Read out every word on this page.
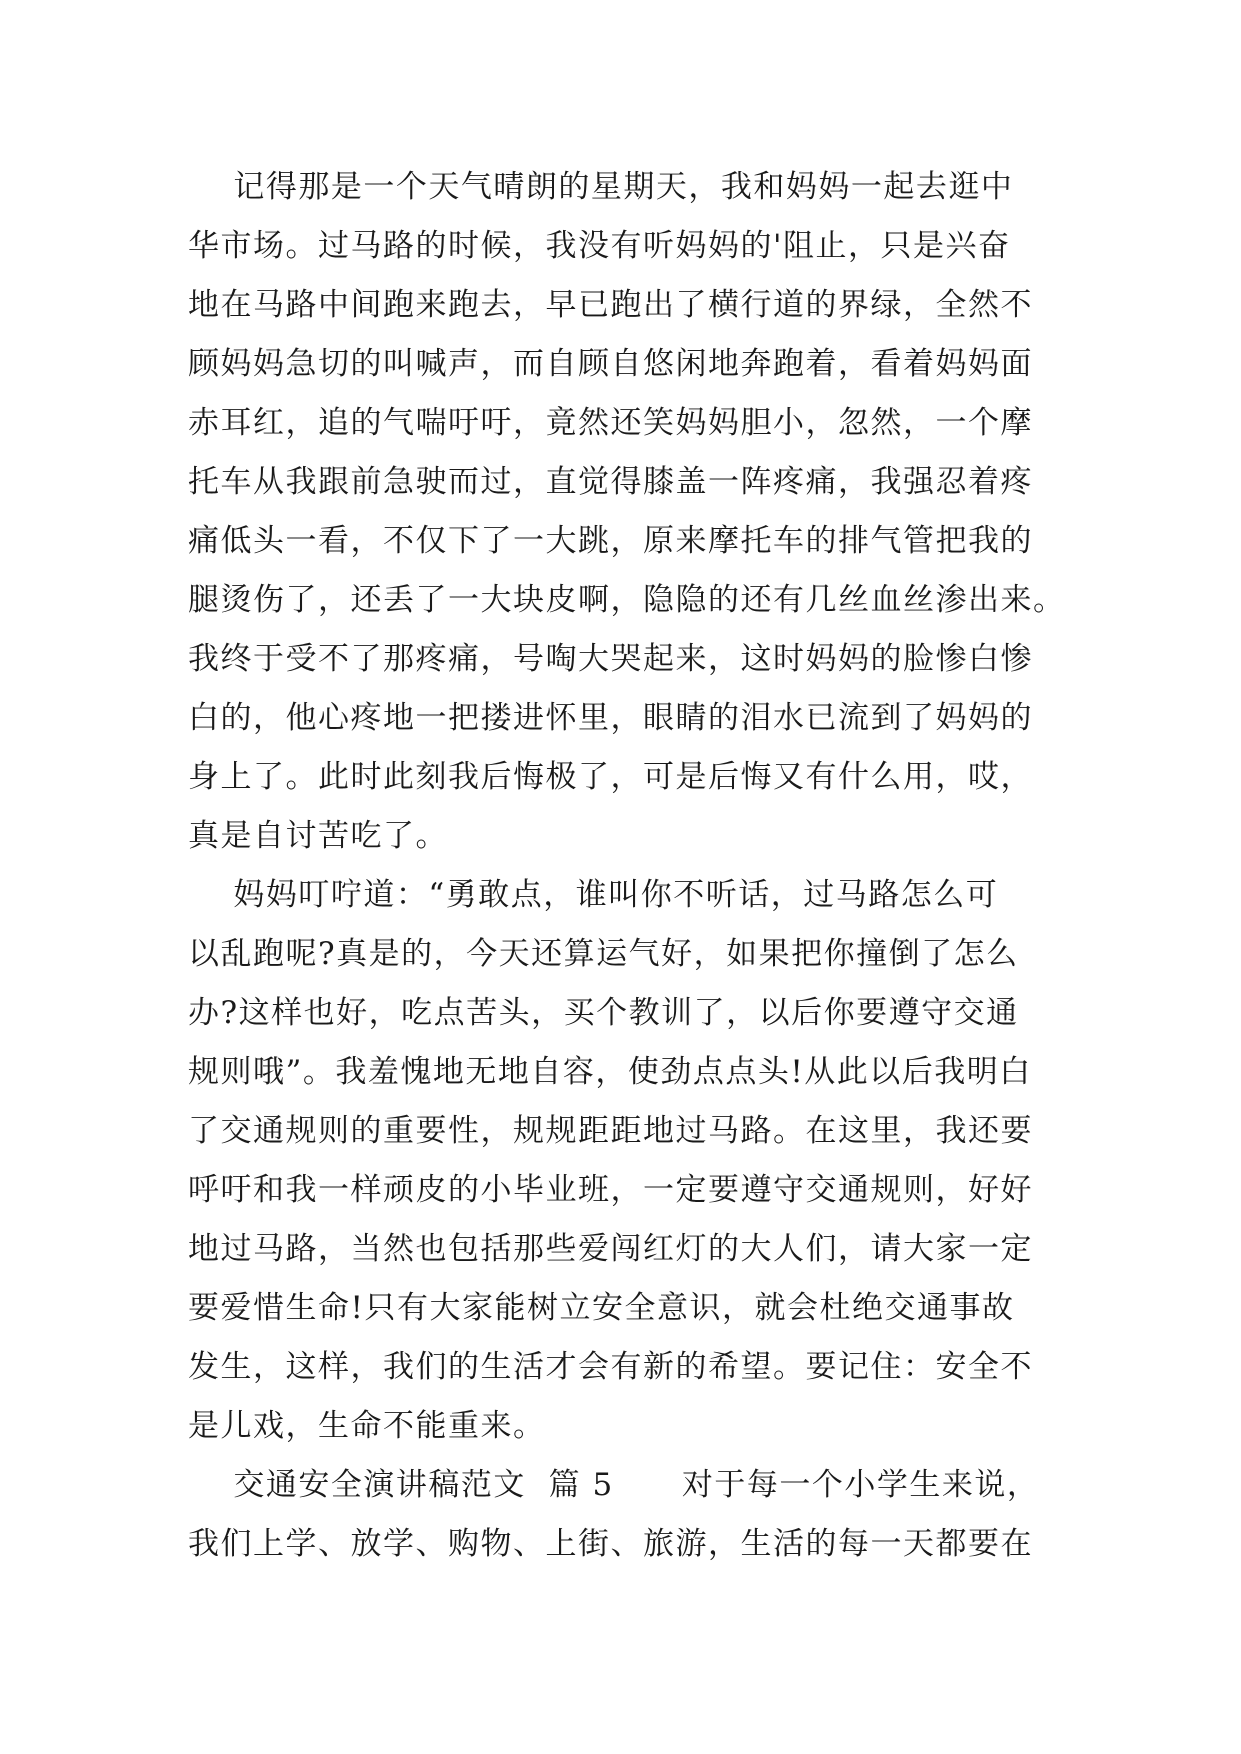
记得那是一个天气晴朗的星期天，我和妈妈一起去逛中
华市场。过马路的时候，我没有听妈妈的'阻止，只是兴奋
地在马路中间跑来跑去，早已跑出了横行道的界绿，全然不
顾妈妈急切的叫喊声，而自顾自悠闲地奔跑着，看着妈妈面
赤耳红，追的气喘吁吁，竟然还笑妈妈胆小，忽然，一个摩
托车从我跟前急驶而过，直觉得膝盖一阵疼痛，我强忍着疼
痛低头一看，不仅下了一大跳，原来摩托车的排气管把我的
腿烫伤了，还丢了一大块皮啊，隐隐的还有几丝血丝渗出来。
我终于受不了那疼痛，号啕大哭起来，这时妈妈的脸惨白惨
白的，他心疼地一把搂进怀里，眼睛的泪水已流到了妈妈的
身上了。此时此刻我后悔极了，可是后悔又有什么用，哎，
真是自讨苦吃了。
妈妈叮咛道：“勇敢点，谁叫你不听话，过马路怎么可
以乱跑呢?真是的，今天还算运气好，如果把你撞倒了怎么
办?这样也好，吃点苦头，买个教训了，以后你要遵守交通
规则哦”。我羞愧地无地自容，使劲点点头!从此以后我明白
了交通规则的重要性，规规距距地过马路。在这里，我还要
呼吁和我一样顽皮的小毕业班，一定要遵守交通规则，好好
地过马路，当然也包括那些爱闯红灯的大人们，请大家一定
要爱惜生命!只有大家能树立安全意识，就会杜绝交通事故
发生，这样，我们的生活才会有新的希望。要记住：安全不
是儿戏，生命不能重来。
交通安全演讲稿范文  篇 5      对于每一个小学生来说，
我们上学、放学、购物、上街、旅游，生活的每一天都要在
